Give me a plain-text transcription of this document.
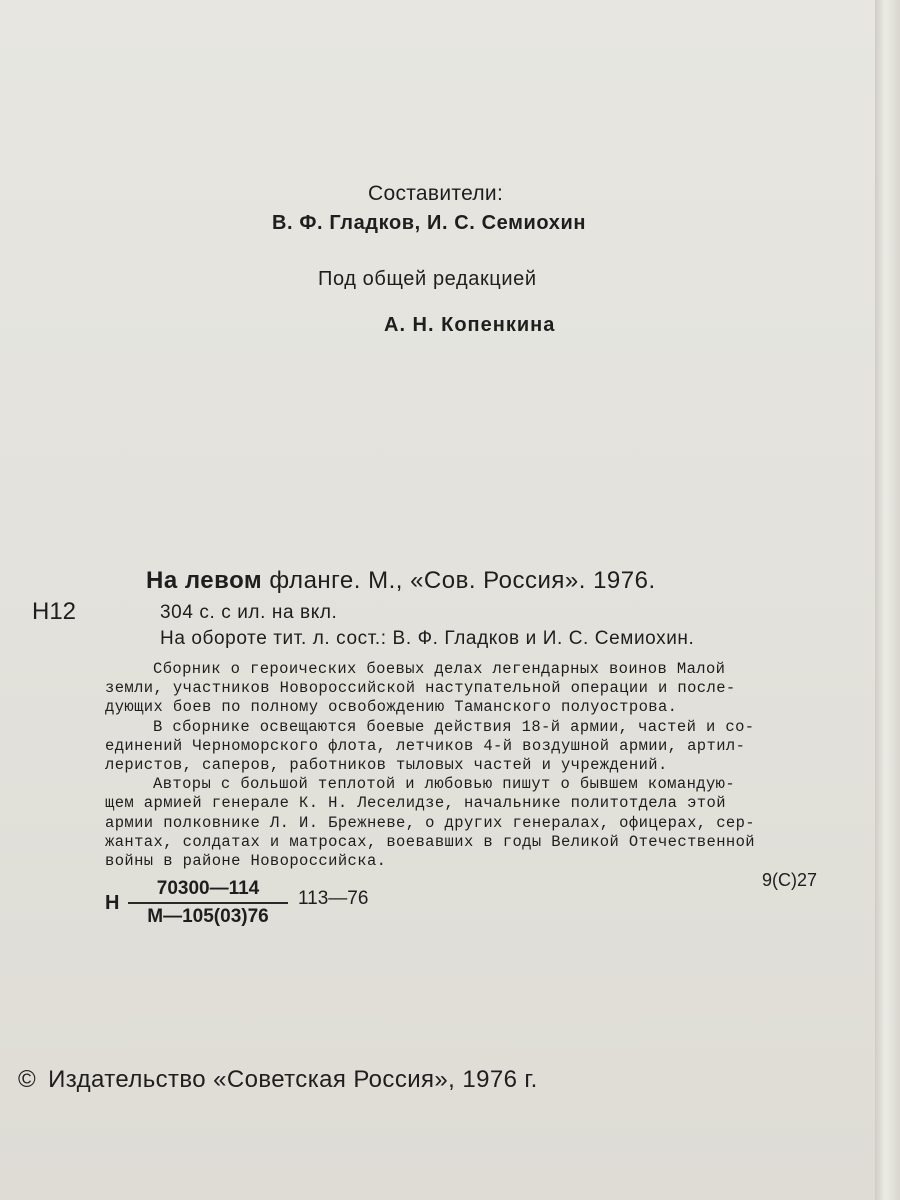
Составители:
В. Ф. Гладков, И. С. Семиохин
Под общей редакцией
А. Н. Копенкина
На левом фланге. М., «Сов. Россия». 1976.
Н12	304 с. с ил. на вкл.
На обороте тит. л. сост.: В. Ф. Гладков и И. С. Семиохин.
Сборник о героических боевых делах легендарных воинов Малой
земли, участников Новороссийской наступательной операции и после-
дующих боев по полному освобождению Таманского полуострова.
В сборнике освещаются боевые действия 18-й армии, частей и со-
единений Черноморского флота, летчиков 4-й воздушной армии, артил-
леристов, саперов, работников тыловых частей и учреждений.
Авторы с большой теплотой и любовью пишут о бывшем командую-
щем армией генерале К. Н. Леселидзе, начальнике политотдела этой
армии полковнике Л. И. Брежневе, о других генералах, офицерах, сер-
жантах, солдатах и матросах, воевавших в годы Великой Отечественной
войны в районе Новороссийска.
9(С)27
Н
70300—114
М—105(03)76
113—76
© Издательство «Советская Россия», 1976 г.
